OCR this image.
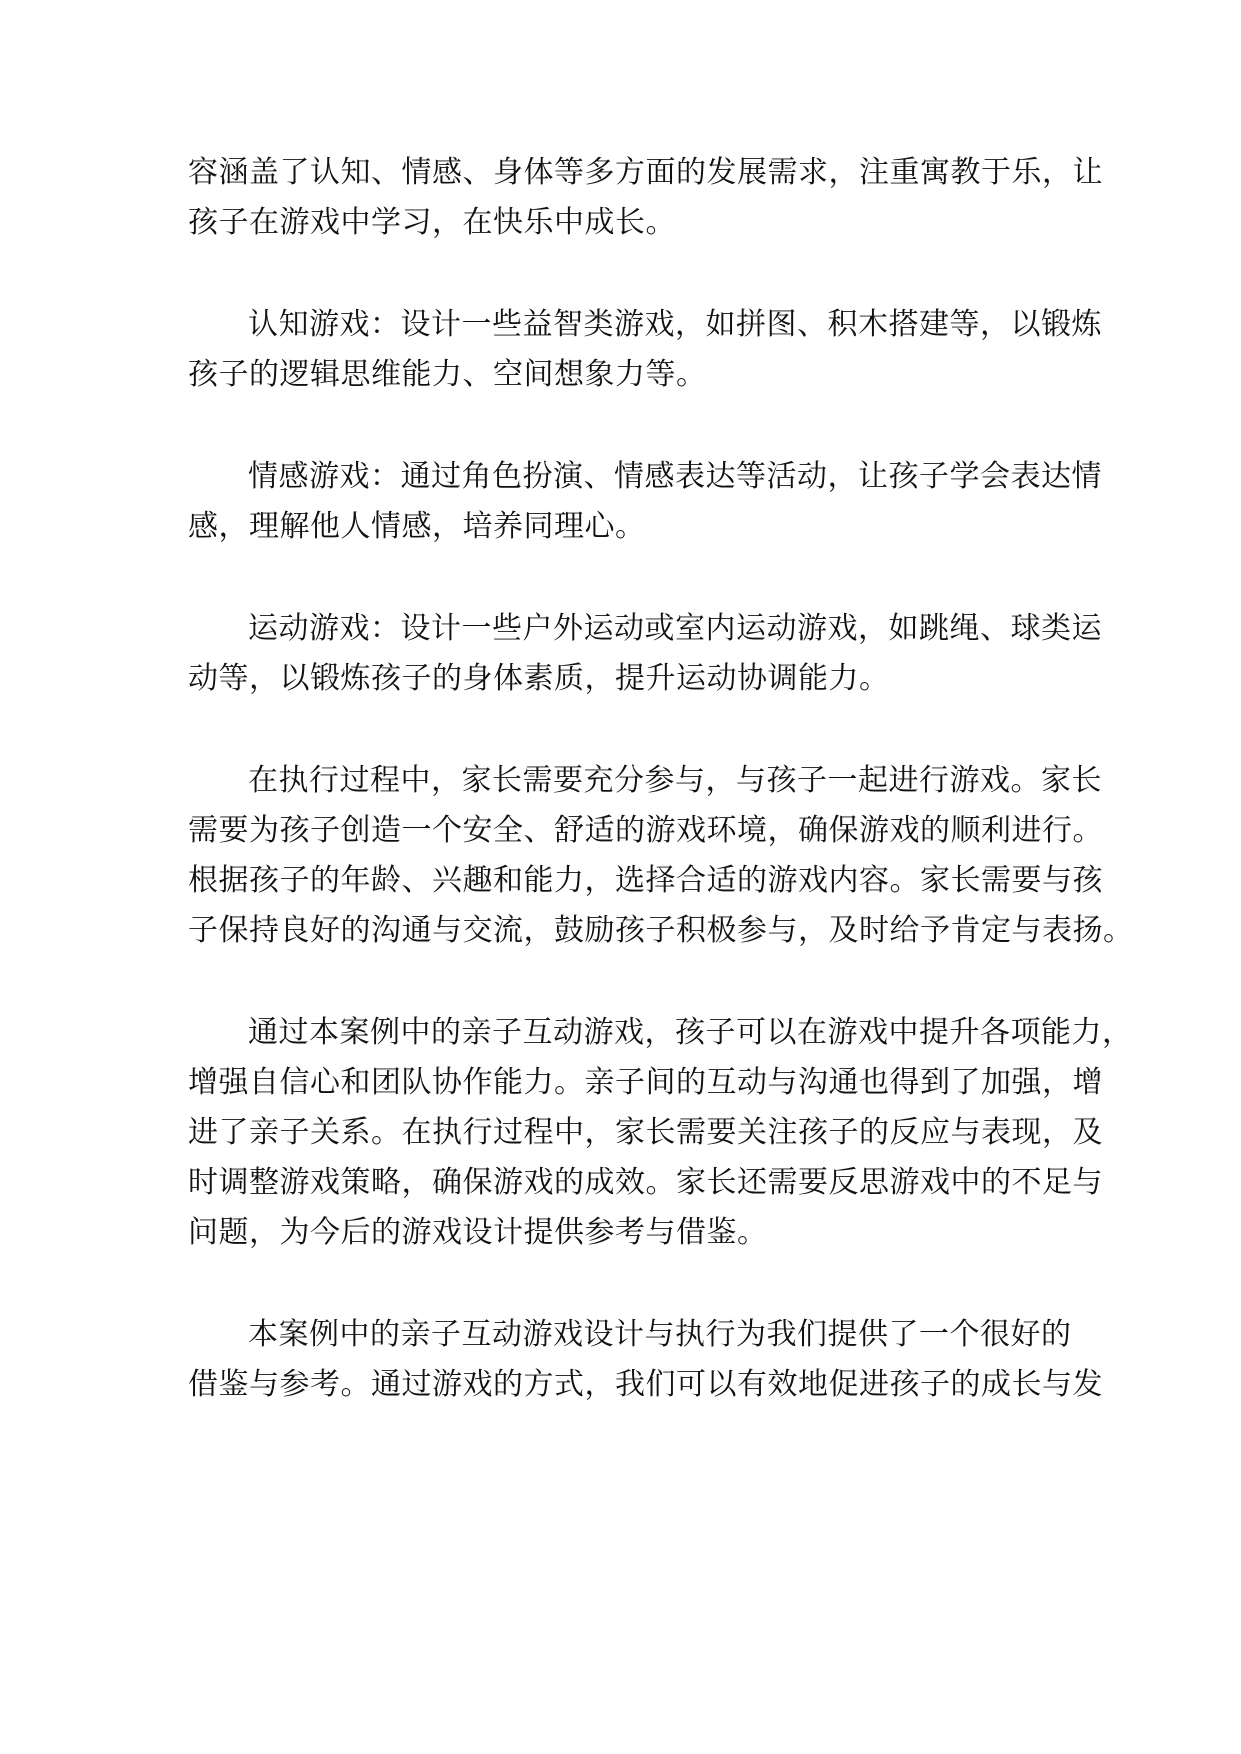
容涵盖了认知、情感、身体等多方面的发展需求，注重寓教于乐，让

孩子在游戏中学习，在快乐中成长。

认知游戏：设计一些益智类游戏，如拼图、积木搭建等，以锻炼

孩子的逻辑思维能力、空间想象力等。

情感游戏：通过角色扮演、情感表达等活动，让孩子学会表达情

感，理解他人情感，培养同理心。

运动游戏：设计一些户外运动或室内运动游戏，如跳绳、球类运

动等，以锻炼孩子的身体素质，提升运动协调能力。

在执行过程中，家长需要充分参与，与孩子一起进行游戏。家长

需要为孩子创造一个安全、舒适的游戏环境，确保游戏的顺利进行。

根据孩子的年龄、兴趣和能力，选择合适的游戏内容。家长需要与孩

子保持良好的沟通与交流，鼓励孩子积极参与，及时给予肯定与表扬。

通过本案例中的亲子互动游戏，孩子可以在游戏中提升各项能力，

增强自信心和团队协作能力。亲子间的互动与沟通也得到了加强，增

进了亲子关系。在执行过程中，家长需要关注孩子的反应与表现，及

时调整游戏策略，确保游戏的成效。家长还需要反思游戏中的不足与

问题，为今后的游戏设计提供参考与借鉴。

本案例中的亲子互动游戏设计与执行为我们提供了一个很好的

借鉴与参考。通过游戏的方式，我们可以有效地促进孩子的成长与发
